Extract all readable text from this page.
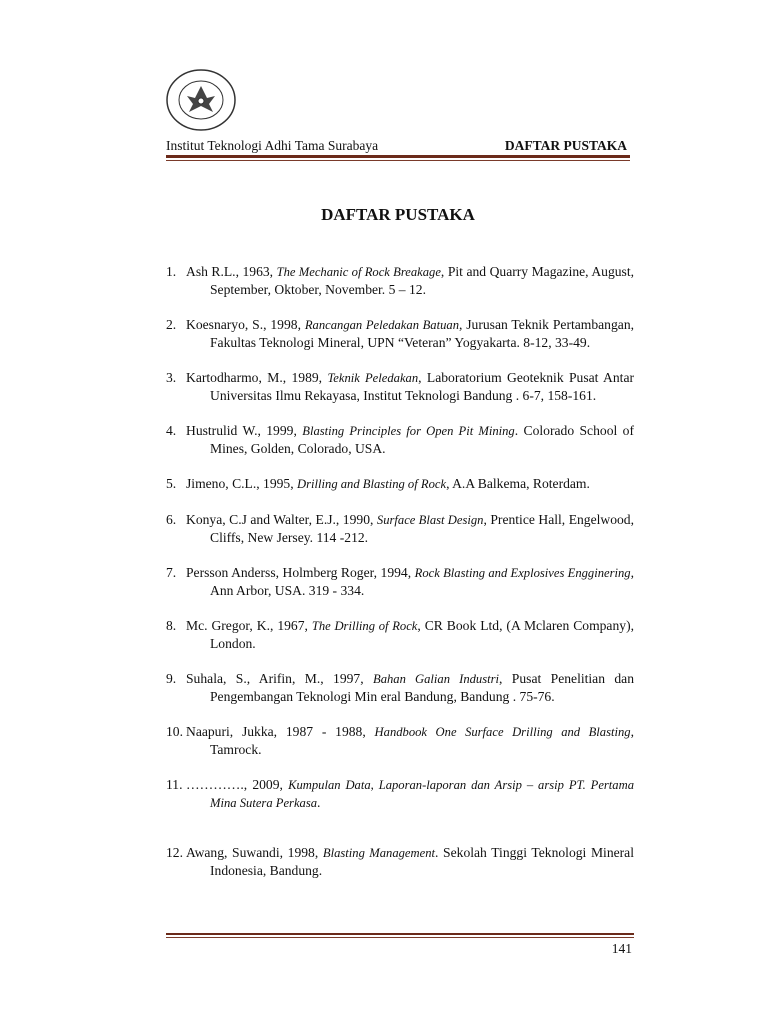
Institut Teknologi Adhi Tama Surabaya	DAFTAR PUSTAKA
DAFTAR PUSTAKA
1. Ash R.L., 1963, The Mechanic of Rock Breakage, Pit and Quarry Magazine, August, September, Oktober, November. 5 – 12.
2. Koesnaryo, S., 1998, Rancangan Peledakan Batuan, Jurusan Teknik Pertambangan, Fakultas Teknologi Mineral, UPN “Veteran” Yogyakarta. 8-12, 33-49.
3. Kartodharmo, M., 1989, Teknik Peledakan, Laboratorium Geoteknik Pusat Antar Universitas Ilmu Rekayasa, Institut Teknologi Bandung . 6-7, 158-161.
4. Hustrulid W., 1999, Blasting Principles for Open Pit Mining. Colorado School of Mines, Golden, Colorado, USA.
5. Jimeno, C.L., 1995, Drilling and Blasting of Rock, A.A Balkema, Roterdam.
6. Konya, C.J and Walter, E.J., 1990, Surface Blast Design, Prentice Hall, Engelwood, Cliffs, New Jersey. 114 -212.
7. Persson Anderss, Holmberg Roger, 1994, Rock Blasting and Explosives Engginering, Ann Arbor, USA. 319 - 334.
8. Mc. Gregor, K., 1967, The Drilling of Rock, CR Book Ltd, (A Mclaren Company), London.
9. Suhala, S., Arifin, M., 1997, Bahan Galian Industri, Pusat Penelitian dan Pengembangan Teknologi Min eral Bandung, Bandung . 75-76.
10. Naapuri, Jukka, 1987 - 1988, Handbook One Surface Drilling and Blasting, Tamrock.
11. …………., 2009, Kumpulan Data, Laporan-laporan dan Arsip – arsip PT. Pertama Mina Sutera Perkasa.
12. Awang, Suwandi, 1998, Blasting Management. Sekolah Tinggi Teknologi Mineral Indonesia, Bandung.
141
